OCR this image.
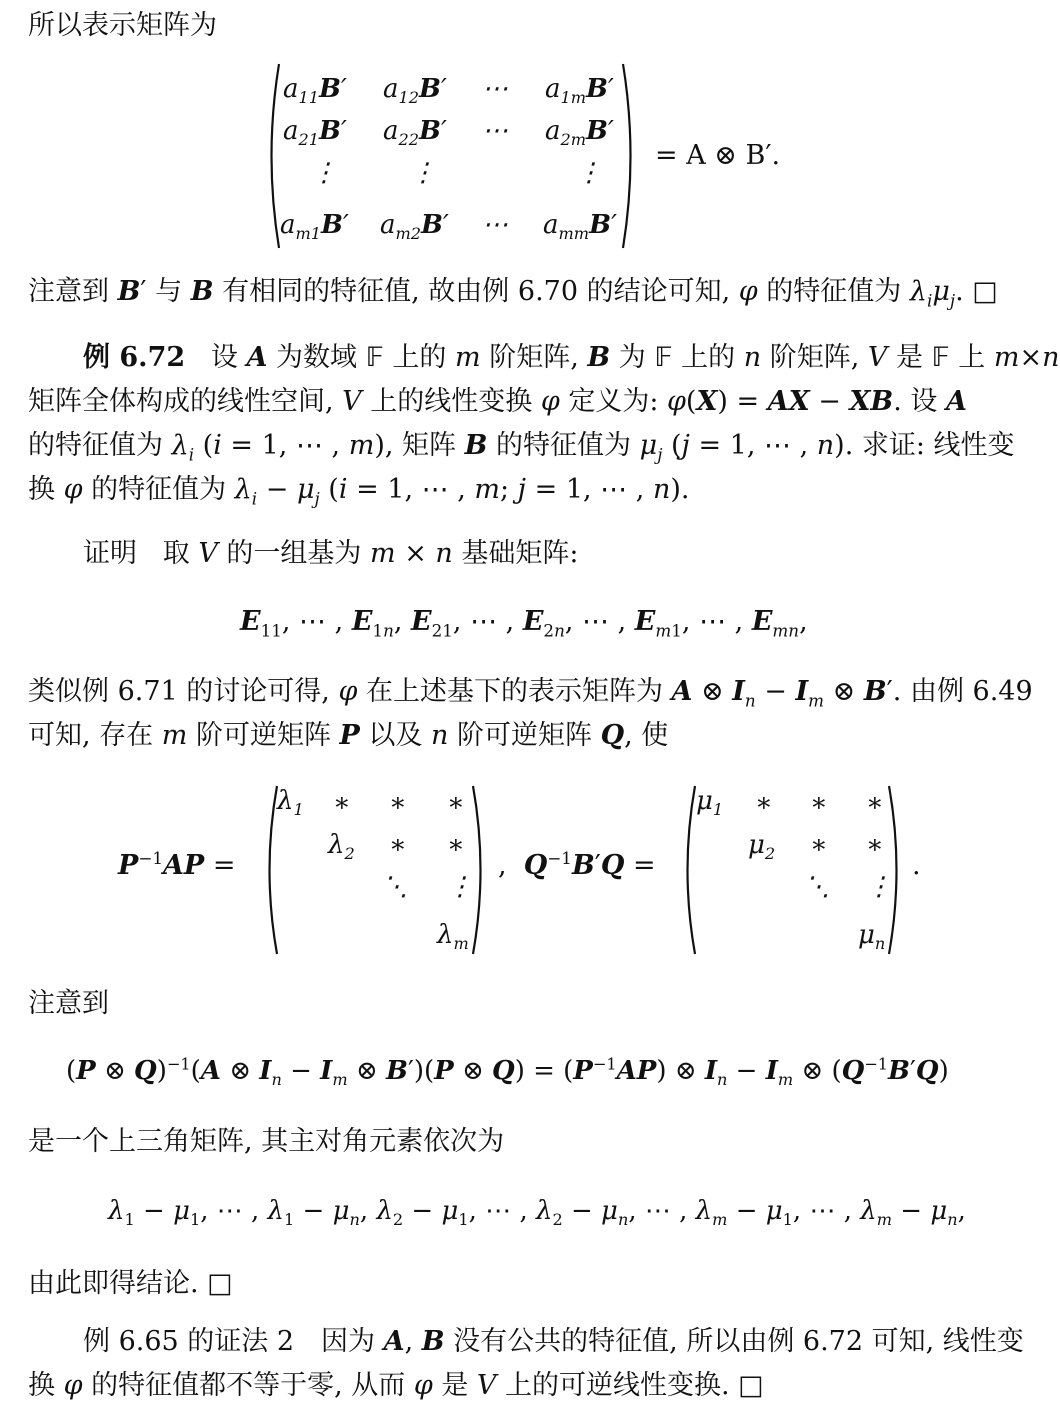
所以表示矩阵为
$a_{11}B'$ $a_{12}B'$ ⋯ $a_{1m}B'$
$a_{21}B'$ $a_{22}B'$ ⋯ $a_{2m}B'$
⋮	⋮	⋮
$a_{m1}B'$ $a_{m2}B'$ ⋯ $a_{mm}B'$
= A ⊗ B′.
注意到 B′ 与 B 有相同的特征值, 故由例 6.70 的结论可知, φ 的特征值为 $\lambda_i\mu_j$. □
例 6.72 设 A 为数域 𝔽 上的 m 阶矩阵, B 为 𝔽 上的 n 阶矩阵, V 是 𝔽 上 m×n
矩阵全体构成的线性空间, V 上的线性变换 φ 定义为: φ(X) = AX − XB. 设 A
的特征值为 $\lambda_i$ (i = 1, ⋯ , m), 矩阵 B 的特征值为 $\mu_j$ (j = 1, ⋯ , n). 求证: 线性变
换 φ 的特征值为 $\lambda_i - \mu_j$ (i = 1, ⋯ , m; j = 1, ⋯ , n).
证明 取 V 的一组基为 m × n 基础矩阵:
$E_{11}$, ⋯ , $E_{1n}$, $E_{21}$, ⋯ , $E_{2n}$, ⋯ , $E_{m1}$, ⋯ , $E_{mn}$,
类似例 6.71 的讨论可得, φ 在上述基下的表示矩阵为 A ⊗ $I_n - I_m$ ⊗ B′. 由例 6.49
可知, 存在 m 阶可逆矩阵 P 以及 n 阶可逆矩阵 Q, 使
$P^{-1}AP$ =
$\lambda_1$ ∗ ∗ ∗
$\lambda_2$ ∗ ∗
⋱ ⋮
$\lambda_m$
,  $Q^{-1}B'Q$ =
$\mu_1$ ∗ ∗ ∗
$\mu_2$ ∗ ∗
⋱ ⋮
$\mu_n$
.
注意到
(P ⊗ Q)$^{-1}$(A ⊗ $I_n - I_m$ ⊗ B′)(P ⊗ $Q) = (P^{-1}AP)$ ⊗ $I_n - I_m$ ⊗ $(Q^{-1}B'Q)$
是一个上三角矩阵, 其主对角元素依次为
$\lambda_1 - \mu_1$, ⋯ , $\lambda_1 - \mu_n$, $\lambda_2 - \mu_1$, ⋯ , $\lambda_2 - \mu_n$, ⋯ , $\lambda_m - \mu_1$, ⋯ , $\lambda_m - \mu_n$,
由此即得结论. □
例 6.65 的证法 2　因为 A, B 没有公共的特征值, 所以由例 6.72 可知, 线性变
换 φ 的特征值都不等于零, 从而 φ 是 V 上的可逆线性变换. □
